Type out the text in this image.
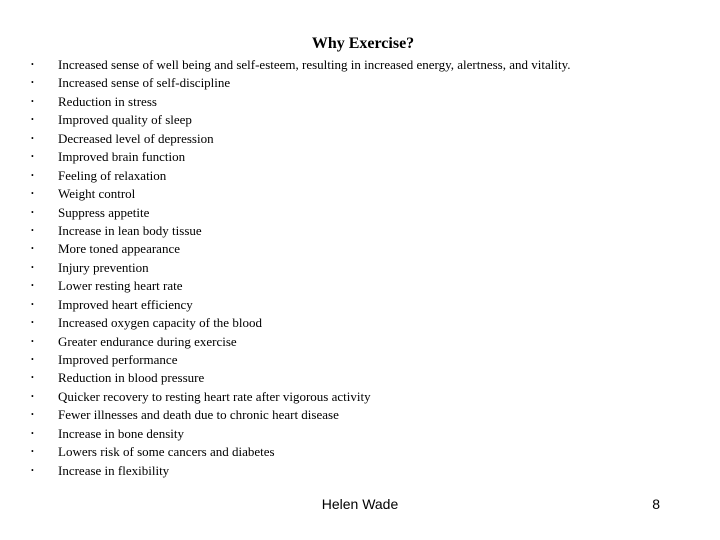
Why Exercise?
• Increased sense of well being and self-esteem, resulting in increased energy, alertness, and vitality.
• Increased sense of self-discipline
• Reduction in stress
• Improved quality of sleep
• Decreased level of depression
• Improved brain function
• Feeling of relaxation
• Weight control
• Suppress appetite
• Increase in lean body tissue
• More toned appearance
• Injury prevention
• Lower resting heart rate
• Improved heart efficiency
• Increased oxygen capacity of the blood
• Greater endurance during exercise
• Improved performance
• Reduction in blood pressure
• Quicker recovery to resting heart rate after vigorous activity
• Fewer illnesses and death due to chronic heart disease
• Increase in bone density
• Lowers risk of some cancers and diabetes
• Increase in flexibility
Helen Wade	8
